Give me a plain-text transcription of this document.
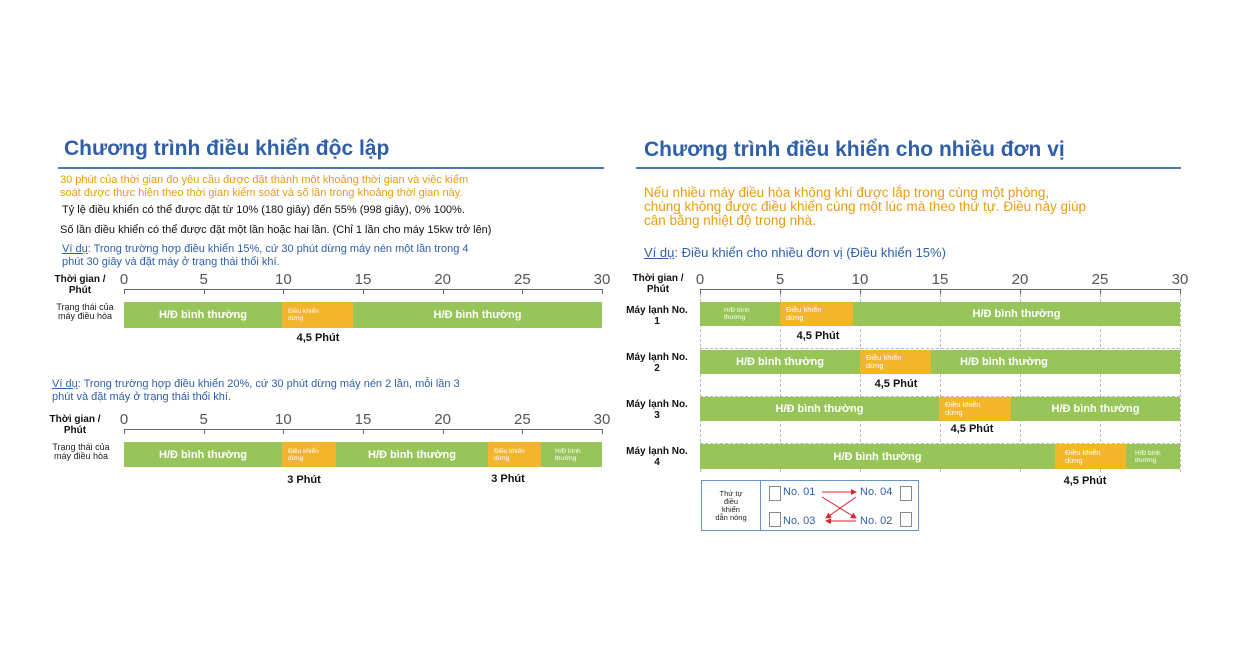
Chương trình điều khiển độc lập
30 phút của thời gian đo yêu cầu được đặt thành một khoảng thời gian và việc kiểm
soát được thực hiện theo thời gian kiểm soát và số lần trong khoảng thời gian này.
Tỷ lệ điều khiển có thể được đặt từ 10% (180 giây) đến 55% (998 giây), 0% 100%.
Số lần điều khiển có thể được đặt một lần hoặc hai lần. (Chỉ 1 lần cho máy 15kw trở lên)
Ví dụ: Trong trường hợp điều khiển 15%, cứ 30 phút dừng máy nén một lần trong 4
phút 30 giây và đặt máy ở trạng thái thổi khí.
Thời gian / Phút
0	5	10	15	20	25	30
Trạng thái của máy điều hòa	H/Đ bình thường	Điều khiển dừng	H/Đ bình thường
4,5 Phút
Ví dụ: Trong trường hợp điều khiển 20%, cứ 30 phút dừng máy nén 2 lần, mỗi lần 3
phút và đặt máy ở trạng thái thổi khí.
Thời gian / Phút
0	5	10	15	20	25	30
Trạng thái của máy điều hòa	H/Đ bình thường	Điều khiển dừng	H/Đ bình thường	Điều khiển dừng
H/Đ bình thường
3 Phút	3 Phút
Chương trình điều khiển cho nhiều đơn vị
Nếu nhiều máy điều hòa không khí được lắp trong cùng một phòng,
chúng không được điều khiển cùng một lúc mà theo thứ tự. Điều này giúp
cân bằng nhiệt độ trong nhà.
Ví dụ: Điều khiển cho nhiều đơn vị (Điều khiển 15%)
Thời gian / Phút
0	5	10	15	20	25	30
Máy lạnh No. 1
H/Đ bình thường
Điều khiển dừng	H/Đ bình thường
4,5 Phút
Máy lạnh No. 2
H/Đ bình thường	Điều khiển dừng	H/Đ bình thường
4,5 Phút
Máy lạnh No. 3
H/Đ bình thường	Điều khiển dừng	H/Đ bình thường
4,5 Phút
Máy lạnh No. 4	H/Đ bình thường	Điều khiển dừng
H/Đ bình thường
4,5 Phút
Thứ tự điều khiển dẫn nóng
No. 01	No. 04
No. 03	No. 02
